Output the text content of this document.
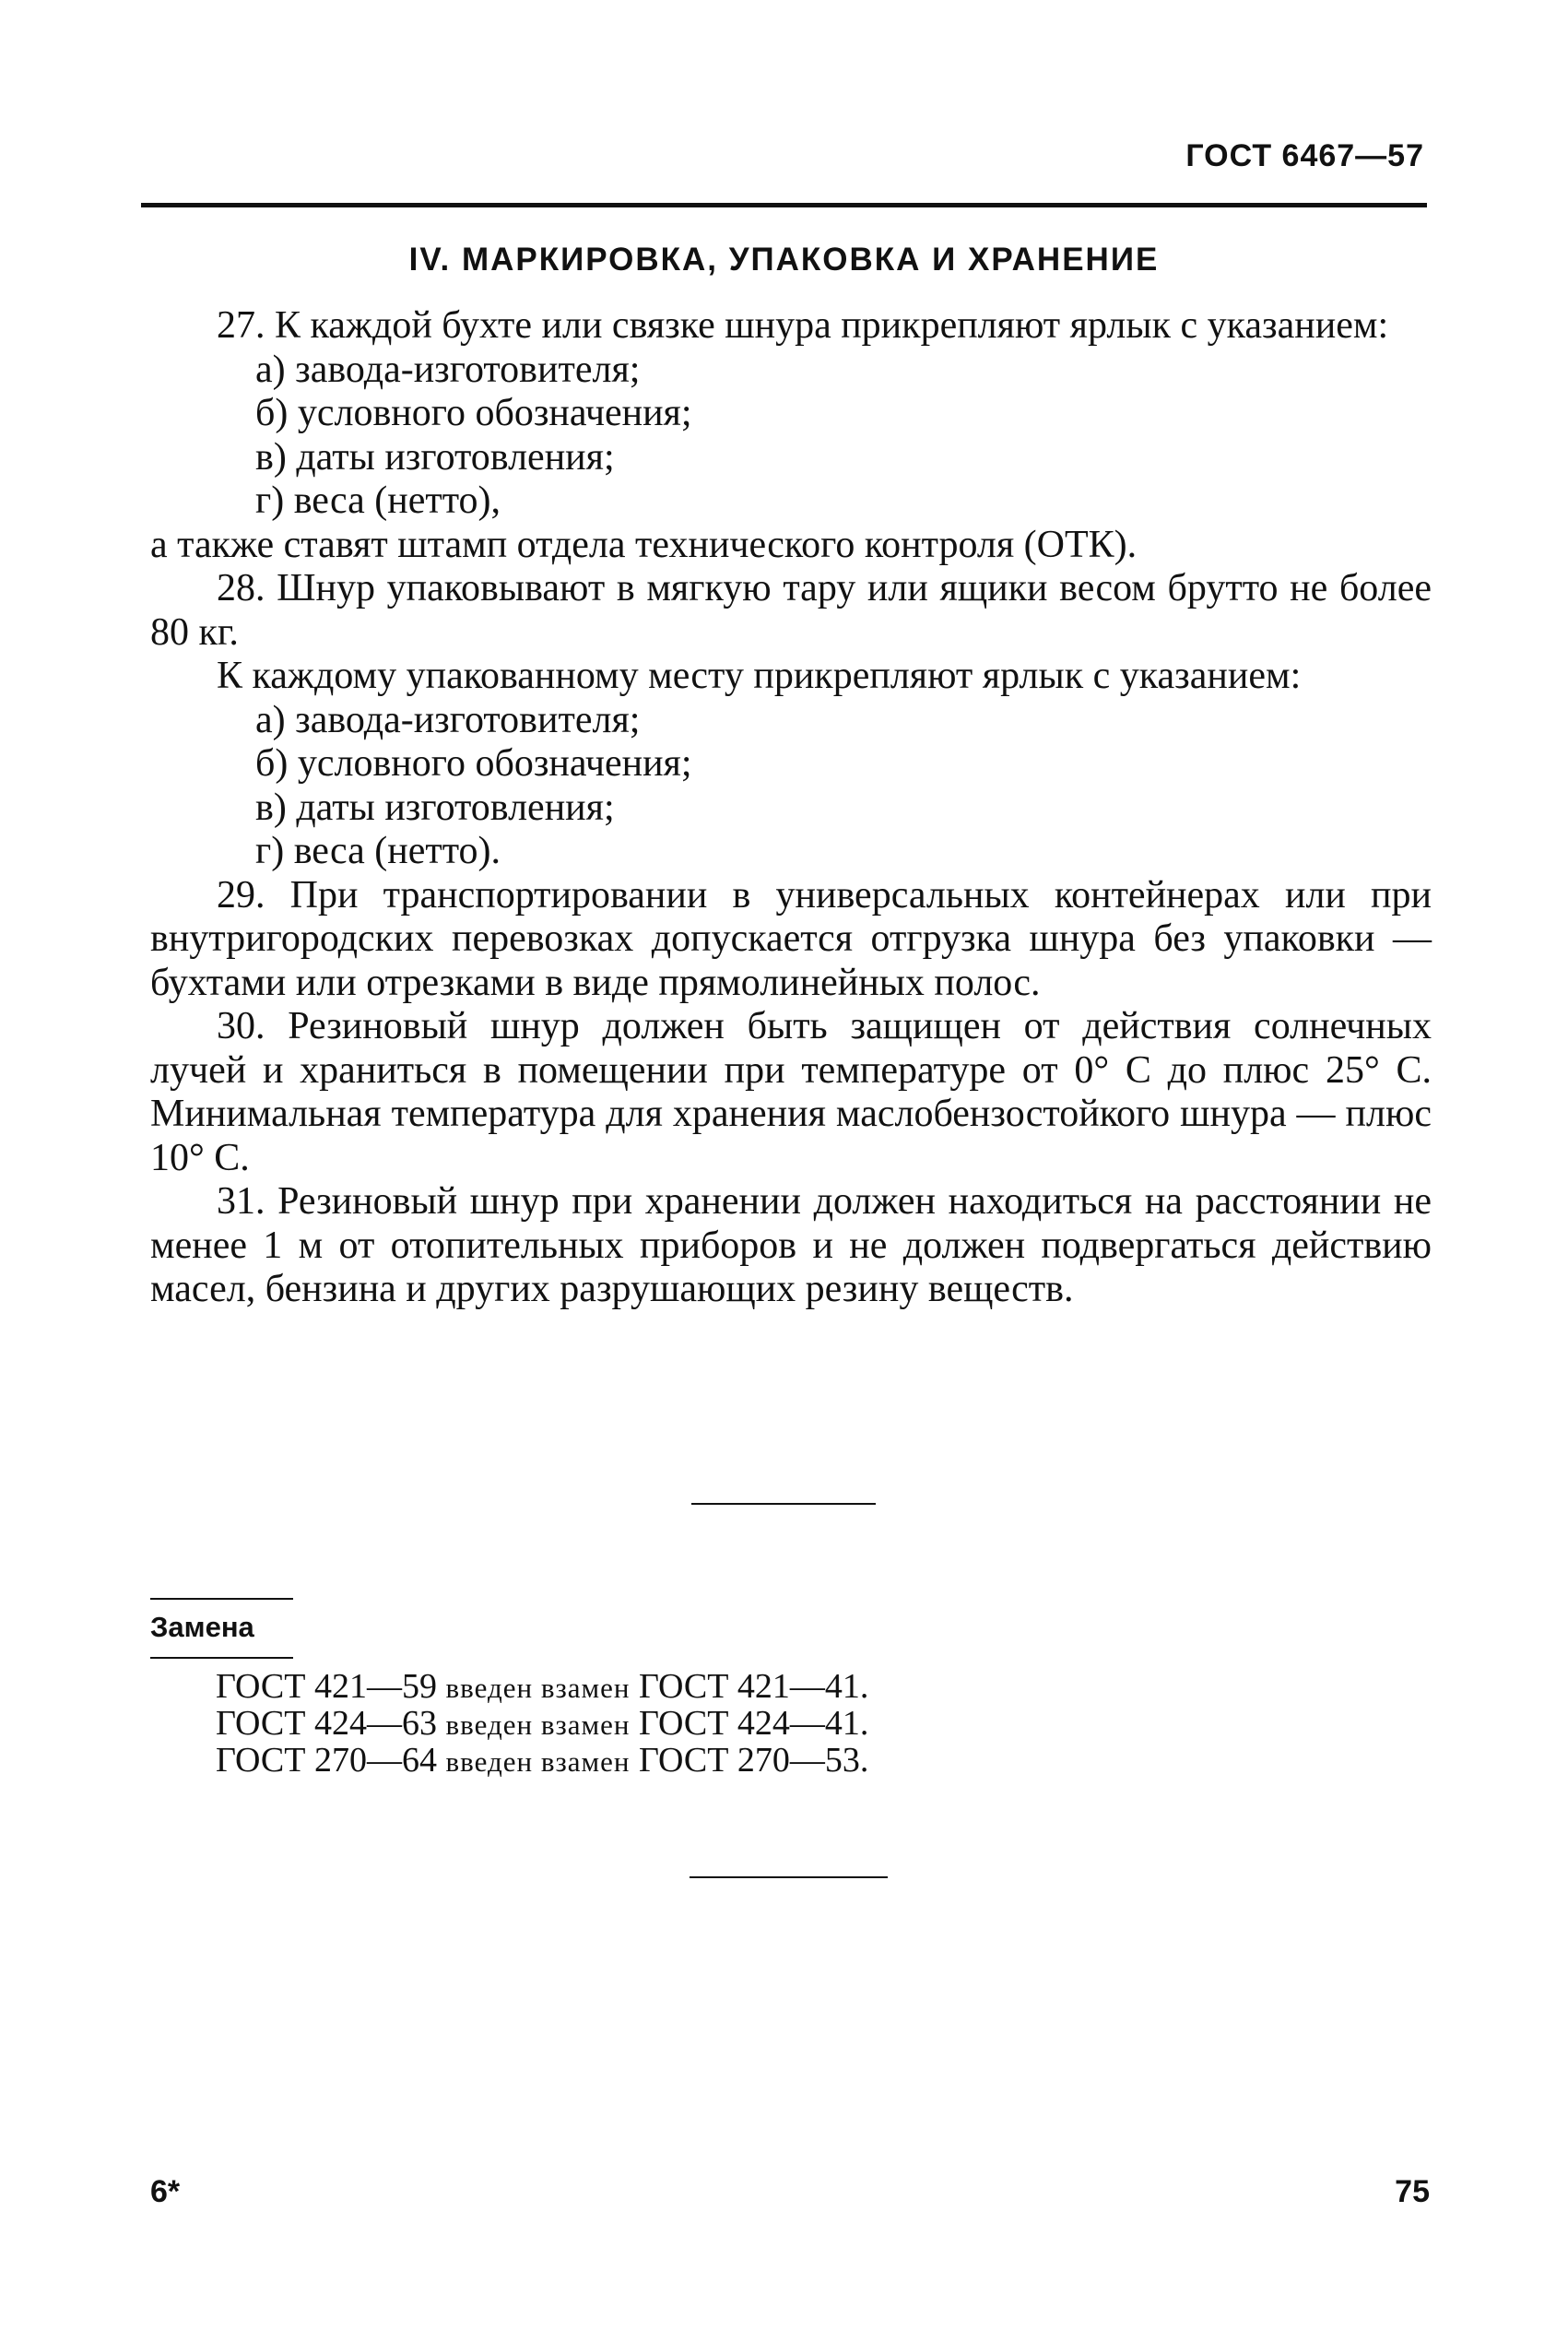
ГОСТ 6467—57
IV. МАРКИРОВКА, УПАКОВКА И ХРАНЕНИЕ

27. К каждой бухте или связке шнура прикрепляют ярлык с указанием:

а) завода-изготовителя;

б) условного обозначения;

в) даты изготовления;

г) веса (нетто),

а также ставят штамп отдела технического контроля (ОТК).

28. Шнур упаковывают в мягкую тару или ящики весом брутто не более 80 кг.

К каждому упакованному месту прикрепляют ярлык с указанием:

а) завода-изготовителя;

б) условного обозначения;

в) даты изготовления;

г) веса (нетто).

29. При транспортировании в универсальных контейнерах или при внутригородских перевозках допускается отгрузка шнура без упаковки — бухтами или отрезками в виде прямолинейных полос.

30. Резиновый шнур должен быть защищен от действия солнечных лучей и храниться в помещении при температуре от 0° С до плюс 25° С. Минимальная температура для хранения маслобензостойкого шнура — плюс 10° С.

31. Резиновый шнур при хранении должен находиться на расстоянии не менее 1 м от отопительных приборов и не должен подвергаться действию масел, бензина и других разрушающих резину веществ.

Замена
ГОСТ 421—59 введен взамен ГОСТ 421—41.
ГОСТ 424—63 введен взамен ГОСТ 424—41.
ГОСТ 270—64 введен взамен ГОСТ 270—53.
6*	75
